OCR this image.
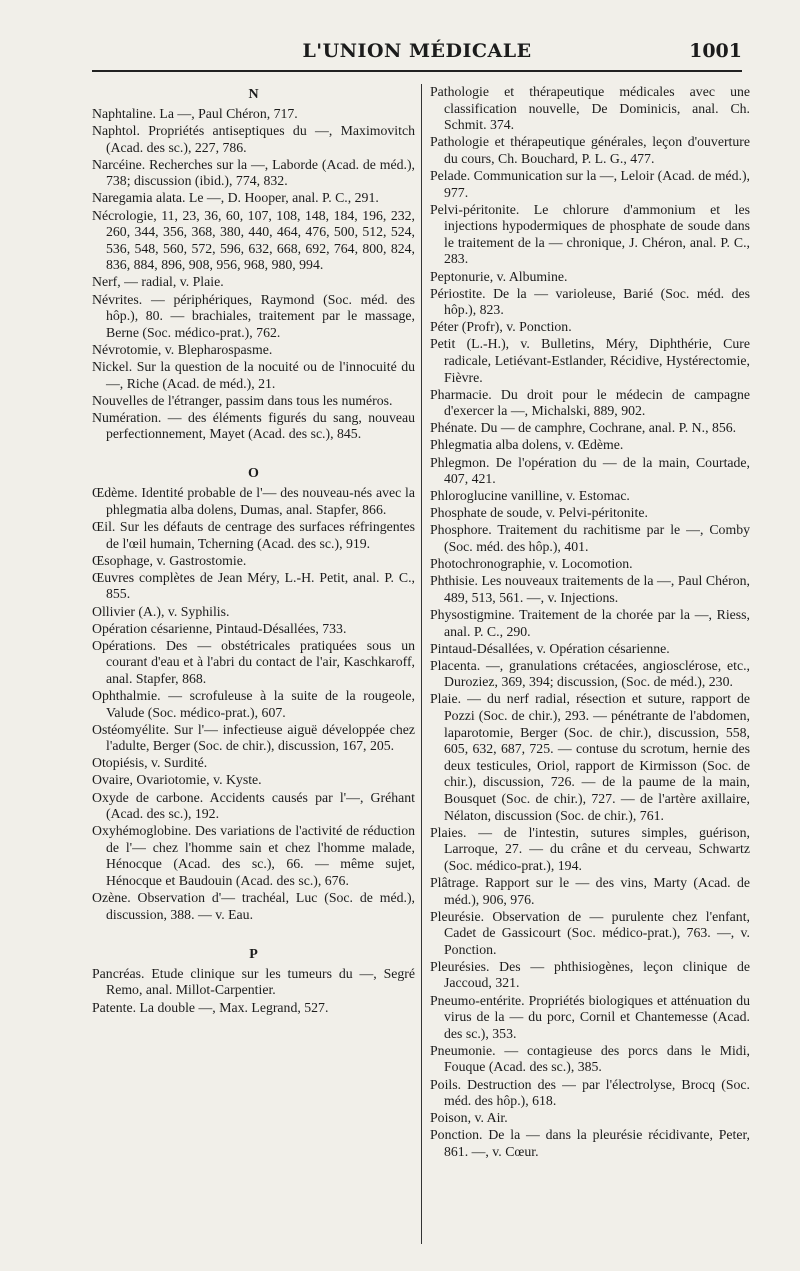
L'UNION MÉDICALE	1001

N

Naphtaline. La —, Paul Chéron, 717.

Naphtol. Propriétés antiseptiques du —, Maximovitch (Acad. des sc.), 227, 786.

Narcéine. Recherches sur la —, Laborde (Acad. de méd.), 738; discussion (ibid.), 774, 832.

Naregamia alata. Le —, D. Hooper, anal. P. C., 291.

Nécrologie, 11, 23, 36, 60, 107, 108, 148, 184, 196, 232, 260, 344, 356, 368, 380, 440, 464, 476, 500, 512, 524, 536, 548, 560, 572, 596, 632, 668, 692, 764, 800, 824, 836, 884, 896, 908, 956, 968, 980, 994.

Nerf, — radial, v. Plaie.

Névrites. — périphériques, Raymond (Soc. méd. des hôp.), 80. — brachiales, traitement par le massage, Berne (Soc. médico-prat.), 762.

Névrotomie, v. Blepharospasme.

Nickel. Sur la question de la nocuité ou de l'innocuité du —, Riche (Acad. de méd.), 21.

Nouvelles de l'étranger, passim dans tous les numéros.

Numération. — des éléments figurés du sang, nouveau perfectionnement, Mayet (Acad. des sc.), 845.

O

Œdème. Identité probable de l'— des nouveau-nés avec la phlegmatia alba dolens, Dumas, anal. Stapfer, 866.

Œil. Sur les défauts de centrage des surfaces réfringentes de l'œil humain, Tcherning (Acad. des sc.), 919.

Œsophage, v. Gastrostomie.

Œuvres complètes de Jean Méry, L.-H. Petit, anal. P. C., 855.

Ollivier (A.), v. Syphilis.

Opération césarienne, Pintaud-Désallées, 733.

Opérations. Des — obstétricales pratiquées sous un courant d'eau et à l'abri du contact de l'air, Kaschkaroff, anal. Stapfer, 868.

Ophthalmie. — scrofuleuse à la suite de la rougeole, Valude (Soc. médico-prat.), 607.

Ostéomyélite. Sur l'— infectieuse aiguë développée chez l'adulte, Berger (Soc. de chir.), discussion, 167, 205.

Otopiésis, v. Surdité.

Ovaire, Ovariotomie, v. Kyste.

Oxyde de carbone. Accidents causés par l'—, Gréhant (Acad. des sc.), 192.

Oxyhémoglobine. Des variations de l'activité de réduction de l'— chez l'homme sain et chez l'homme malade, Hénocque (Acad. des sc.), 66. — même sujet, Hénocque et Baudouin (Acad. des sc.), 676.

Ozène. Observation d'— trachéal, Luc (Soc. de méd.), discussion, 388. — v. Eau.

P

Pancréas. Etude clinique sur les tumeurs du —, Segré Remo, anal. Millot-Carpentier.

Patente. La double —, Max. Legrand, 527.

Pathologie et thérapeutique médicales avec une classification nouvelle, De Dominicis, anal. Ch. Schmit. 374.

Pathologie et thérapeutique générales, leçon d'ouverture du cours, Ch. Bouchard, P. L. G., 477.

Pelade. Communication sur la —, Leloir (Acad. de méd.), 977.

Pelvi-péritonite. Le chlorure d'ammonium et les injections hypodermiques de phosphate de soude dans le traitement de la — chronique, J. Chéron, anal. P. C., 283.

Peptonurie, v. Albumine.

Périostite. De la — varioleuse, Barié (Soc. méd. des hôp.), 823.

Péter (Profr), v. Ponction.

Petit (L.-H.), v. Bulletins, Méry, Diphthérie, Cure radicale, Letiévant-Estlander, Récidive, Hystérectomie, Fièvre.

Pharmacie. Du droit pour le médecin de campagne d'exercer la —, Michalski, 889, 902.

Phénate. Du — de camphre, Cochrane, anal. P. N., 856.

Phlegmatia alba dolens, v. Œdème.

Phlegmon. De l'opération du — de la main, Courtade, 407, 421.

Phloroglucine vanilline, v. Estomac.

Phosphate de soude, v. Pelvi-péritonite.

Phosphore. Traitement du rachitisme par le —, Comby (Soc. méd. des hôp.), 401.

Photochronographie, v. Locomotion.

Phthisie. Les nouveaux traitements de la —, Paul Chéron, 489, 513, 561. —, v. Injections.

Physostigmine. Traitement de la chorée par la —, Riess, anal. P. C., 290.

Pintaud-Désallées, v. Opération césarienne.

Placenta. —, granulations crétacées, angiosclérose, etc., Duroziez, 369, 394; discussion, (Soc. de méd.), 230.

Plaie. — du nerf radial, résection et suture, rapport de Pozzi (Soc. de chir.), 293. — pénétrante de l'abdomen, laparotomie, Berger (Soc. de chir.), discussion, 558, 605, 632, 687, 725. — contuse du scrotum, hernie des deux testicules, Oriol, rapport de Kirmisson (Soc. de chir.), discussion, 726. — de la paume de la main, Bousquet (Soc. de chir.), 727. — de l'artère axillaire, Nélaton, discussion (Soc. de chir.), 761.

Plaies. — de l'intestin, sutures simples, guérison, Larroque, 27. — du crâne et du cerveau, Schwartz (Soc. médico-prat.), 194.

Plâtrage. Rapport sur le — des vins, Marty (Acad. de méd.), 906, 976.

Pleurésie. Observation de — purulente chez l'enfant, Cadet de Gassicourt (Soc. médico-prat.), 763. —, v. Ponction.

Pleurésies. Des — phthisiogènes, leçon clinique de Jaccoud, 321.

Pneumo-entérite. Propriétés biologiques et atténuation du virus de la — du porc, Cornil et Chantemesse (Acad. des sc.), 353.

Pneumonie. — contagieuse des porcs dans le Midi, Fouque (Acad. des sc.), 385.

Poils. Destruction des — par l'électrolyse, Brocq (Soc. méd. des hôp.), 618.

Poison, v. Air.

Ponction. De la — dans la pleurésie récidivante, Peter, 861. —, v. Cœur.
